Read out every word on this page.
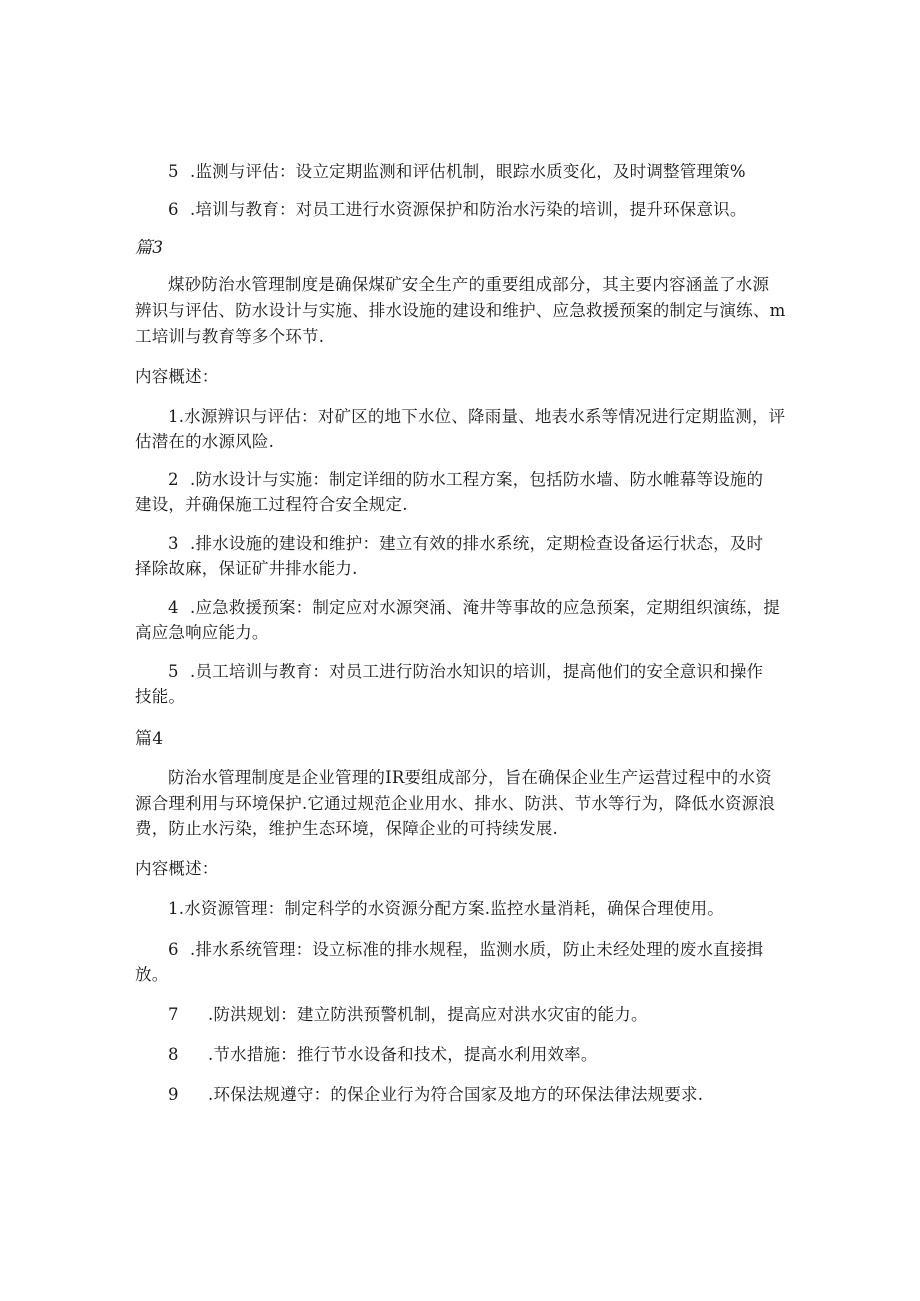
5 .监测与评估：设立定期监测和评估机制，眼踪水质变化，及时调整管理策%

6 .培训与教育：对员工进行水资源保护和防治水污染的培训，提升环保意识。

篇3

煤砂防治水管理制度是确保煤矿安全生产的重要组成部分，其主要内容涵盖了水源

辨识与评估、防水设计与实施、排水设施的建设和维护、应急救援预案的制定与演练、m

工培训与教育等多个环节.

内容概述：

1.水源辨识与评估：对矿区的地下水位、降雨量、地表水系等情况进行定期监测，评

估潜在的水源风险.

2 .防水设计与实施：制定详细的防水工程方案，包括防水墙、防水帷幕等设施的

建设，并确保施工过程符合安全规定.

3 .排水设施的建设和维护：建立有效的排水系统，定期检查设备运行状态，及时

择除故麻，保证矿井排水能力.

4 .应急救援预案：制定应对水源突涌、淹井等事故的应急预案，定期组织演练，提

高应急响应能力。

5 .员工培训与教育：对员工进行防治水知识的培训，提高他们的安全意识和操作

技能。

篇4

防治水管理制度是企业管理的IR要组成部分，旨在确保企业生产运营过程中的水资

源合理利用与环境保护.它通过规范企业用水、排水、防洪、节水等行为，降低水资源浪

费，防止水污染，维护生态环境，保障企业的可持续发展.

内容概述：

1.水资源管理：制定科学的水资源分配方案.监控水量消耗，确保合理使用。

6 .排水系统管理：设立标准的排水规程，监测水质，防止未经处理的废水直接揖

放。

7 .防洪规划：建立防洪预警机制，提高应对洪水灾宙的能力。

8 .节水措施：推行节水设备和技术，提高水利用效率。

9 .环保法规遵守：的保企业行为符合国家及地方的环保法律法规要求.
